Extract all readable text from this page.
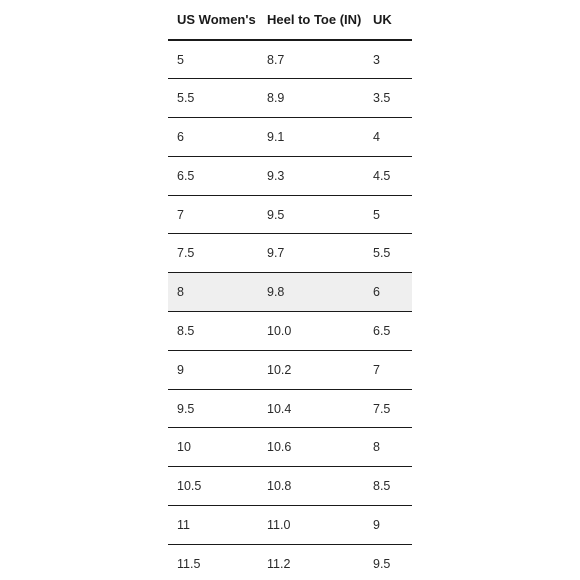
US Women's	Heel to Toe (IN)	UK
5	8.7	3
5.5	8.9	3.5
6	9.1	4
6.5	9.3	4.5
7	9.5	5
7.5	9.7	5.5
8	9.8	6
8.5	10.0	6.5
9	10.2	7
9.5	10.4	7.5
10	10.6	8
10.5	10.8	8.5
11	11.0	9
11.5	11.2	9.5
